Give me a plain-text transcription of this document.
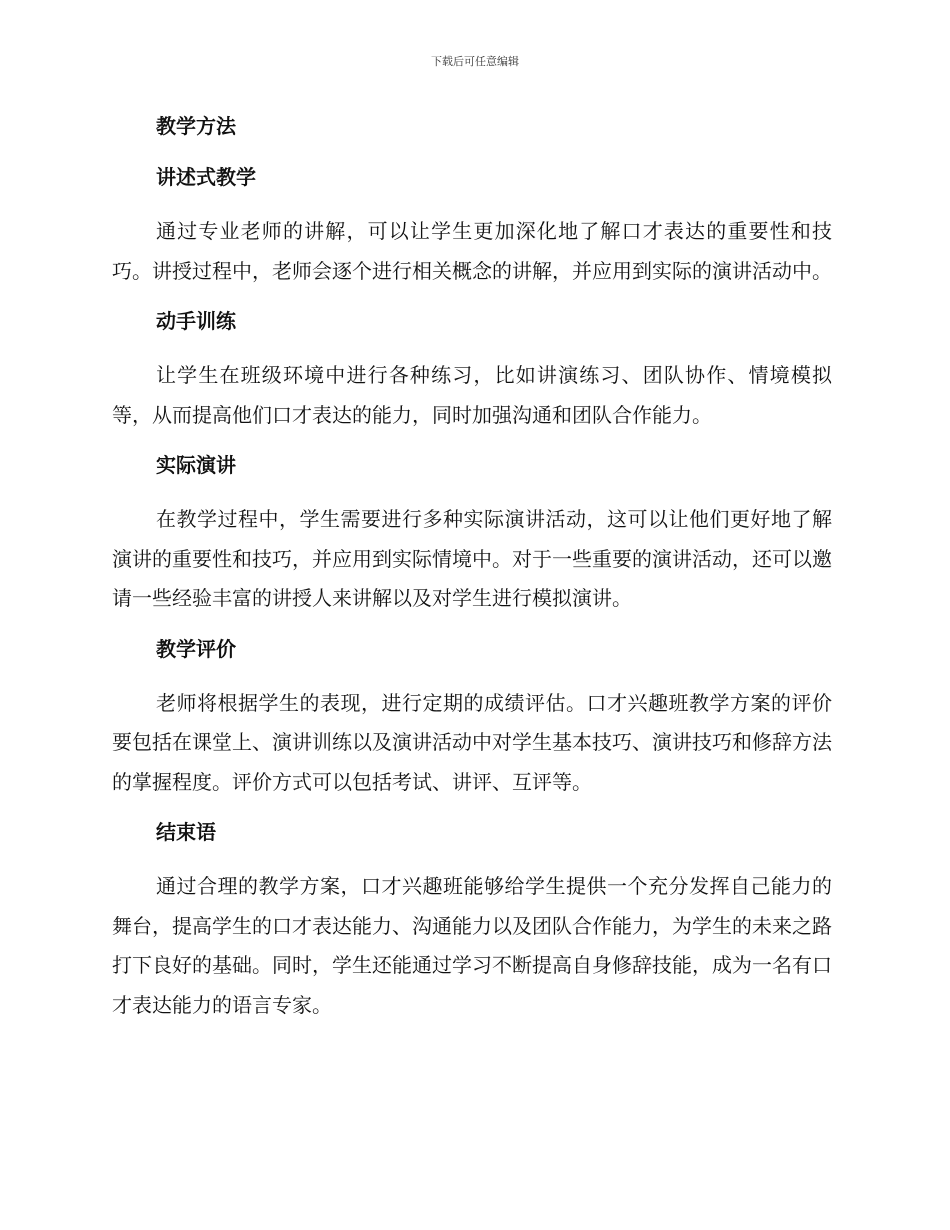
下载后可任意编辑
教学方法
讲述式教学

通过专业老师的讲解，可以让学生更加深化地了解口才表达的重要性和技巧。讲授过程中，老师会逐个进行相关概念的讲解，并应用到实际的演讲活动中。

动手训练

让学生在班级环境中进行各种练习，比如讲演练习、团队协作、情境模拟等，从而提高他们口才表达的能力，同时加强沟通和团队合作能力。

实际演讲

在教学过程中，学生需要进行多种实际演讲活动，这可以让他们更好地了解演讲的重要性和技巧，并应用到实际情境中。对于一些重要的演讲活动，还可以邀请一些经验丰富的讲授人来讲解以及对学生进行模拟演讲。

教学评价

老师将根据学生的表现，进行定期的成绩评估。口才兴趣班教学方案的评价要包括在课堂上、演讲训练以及演讲活动中对学生基本技巧、演讲技巧和修辞方法的掌握程度。评价方式可以包括考试、讲评、互评等。

结束语

通过合理的教学方案，口才兴趣班能够给学生提供一个充分发挥自己能力的舞台，提高学生的口才表达能力、沟通能力以及团队合作能力，为学生的未来之路打下良好的基础。同时，学生还能通过学习不断提高自身修辞技能，成为一名有口才表达能力的语言专家。
